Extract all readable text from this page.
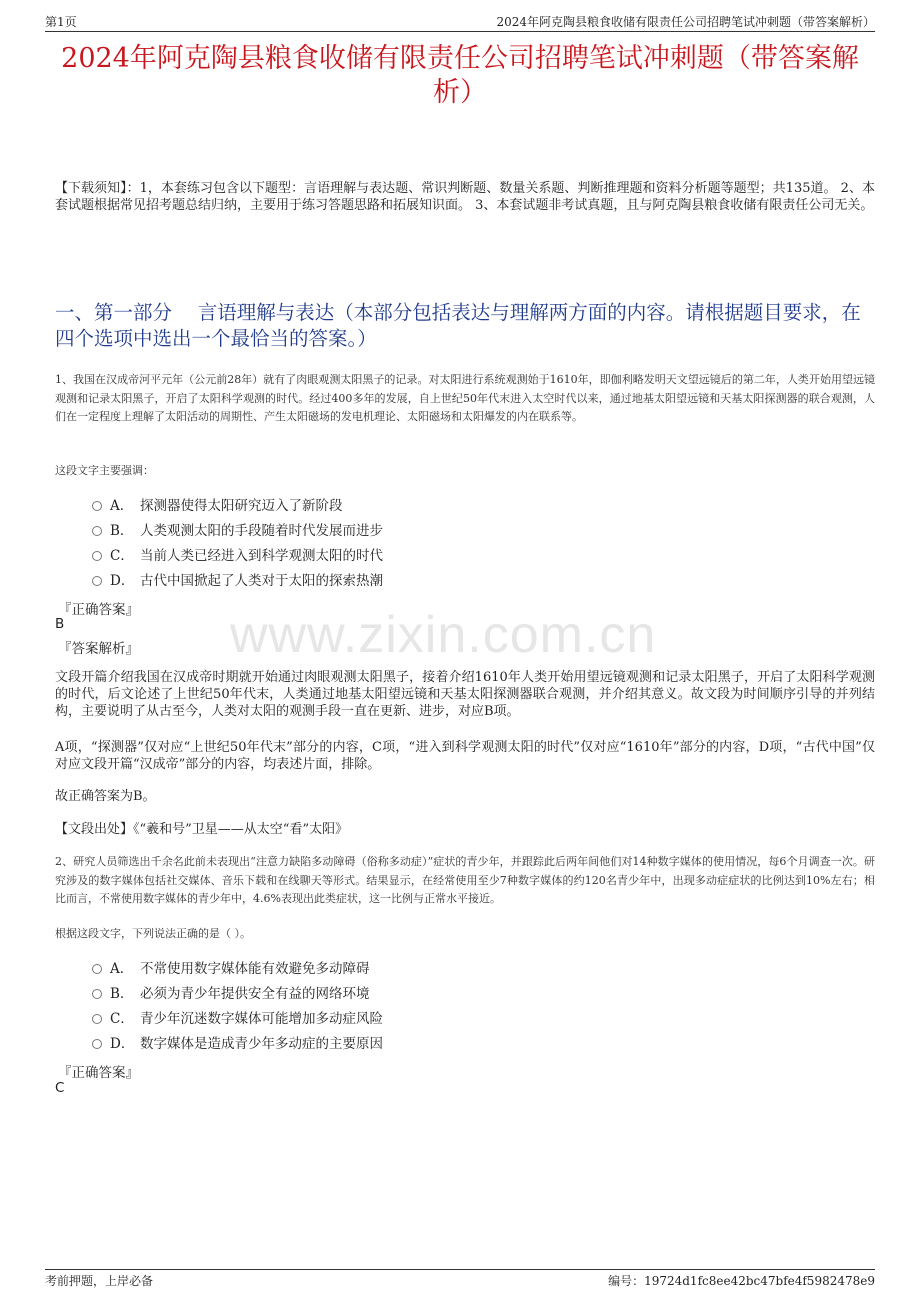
第1页	2024年阿克陶县粮食收储有限责任公司招聘笔试冲刺题（带答案解析）
2024年阿克陶县粮食收储有限责任公司招聘笔试冲刺题（带答案解析）
【下载须知】：1，本套练习包含以下题型：言语理解与表达题、常识判断题、数量关系题、判断推理题和资料分析题等题型；共135道。 2、本套试题根据常见招考题总结归纳，主要用于练习答题思路和拓展知识面。 3、本套试题非考试真题，且与阿克陶县粮食收储有限责任公司无关。
一、第一部分　 言语理解与表达（本部分包括表达与理解两方面的内容。请根据题目要求，在四个选项中选出一个最恰当的答案。）
www.zixin.com.cn
1、我国在汉成帝河平元年（公元前28年）就有了肉眼观测太阳黑子的记录。对太阳进行系统观测始于1610年，即伽利略发明天文望远镜后的第二年，人类开始用望远镜观测和记录太阳黑子，开启了太阳科学观测的时代。经过400多年的发展，自上世纪50年代末进入太空时代以来，通过地基太阳望远镜和天基太阳探测器的联合观测，人们在一定程度上理解了太阳活动的周期性、产生太阳磁场的发电机理论、太阳磁场和太阳爆发的内在联系等。
这段文字主要强调：
A． 探测器使得太阳研究迈入了新阶段
B． 人类观测太阳的手段随着时代发展而进步
C． 当前人类已经进入到科学观测太阳的时代
D． 古代中国掀起了人类对于太阳的探索热潮
『正确答案』
B
『答案解析』
文段开篇介绍我国在汉成帝时期就开始通过肉眼观测太阳黑子，接着介绍1610年人类开始用望远镜观测和记录太阳黑子，开启了太阳科学观测的时代，后文论述了上世纪50年代末，人类通过地基太阳望远镜和天基太阳探测器联合观测，并介绍其意义。故文段为时间顺序引导的并列结构，主要说明了从古至今，人类对太阳的观测手段一直在更新、进步，对应B项。
A项，“探测器”仅对应“上世纪50年代末”部分的内容，C项，“进入到科学观测太阳的时代”仅对应“1610年”部分的内容，D项，“古代中国”仅对应文段开篇“汉成帝”部分的内容，均表述片面，排除。
故正确答案为B。
【文段出处】《“羲和号”卫星——从太空“看”太阳》
2、研究人员筛选出千余名此前未表现出“注意力缺陷多动障碍（俗称多动症）”症状的青少年，并跟踪此后两年间他们对14种数字媒体的使用情况，每6个月调查一次。研究涉及的数字媒体包括社交媒体、音乐下载和在线聊天等形式。结果显示，在经常使用至少7种数字媒体的约120名青少年中，出现多动症症状的比例达到10%左右；相比而言，不常使用数字媒体的青少年中，4.6%表现出此类症状，这一比例与正常水平接近。
根据这段文字，下列说法正确的是（ ）。
A． 不常使用数字媒体能有效避免多动障碍
B． 必须为青少年提供安全有益的网络环境
C． 青少年沉迷数字媒体可能增加多动症风险
D． 数字媒体是造成青少年多动症的主要原因
『正确答案』
C
考前押题，上岸必备	编号：19724d1fc8ee42bc47bfe4f5982478e9
